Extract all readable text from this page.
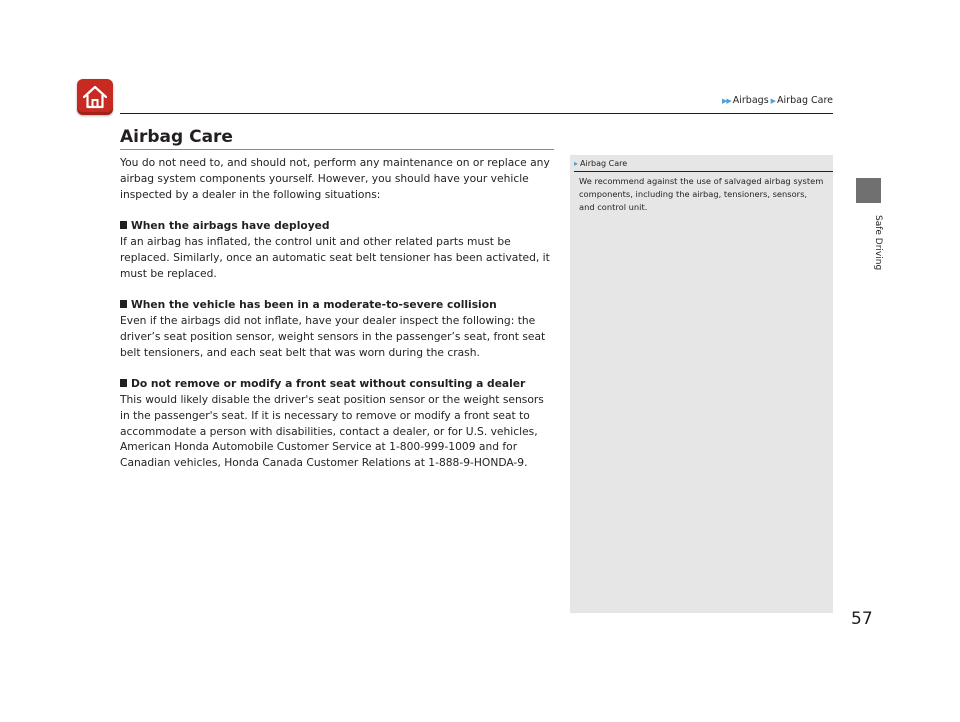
▶▶ Airbags ▶ Airbag Care
Airbag Care

You do not need to, and should not, perform any maintenance on or replace any airbag system components yourself. However, you should have your vehicle inspected by a dealer in the following situations:

When the airbags have deployed

If an airbag has inflated, the control unit and other related parts must be replaced. Similarly, once an automatic seat belt tensioner has been activated, it must be replaced.

When the vehicle has been in a moderate-to-severe collision

Even if the airbags did not inflate, have your dealer inspect the following: the driver’s seat position sensor, weight sensors in the passenger’s seat, front seat belt tensioners, and each seat belt that was worn during the crash.

Do not remove or modify a front seat without consulting a dealer

This would likely disable the driver's seat position sensor or the weight sensors in the passenger's seat. If it is necessary to remove or modify a front seat to accommodate a person with disabilities, contact a dealer, or for U.S. vehicles, American Honda Automobile Customer Service at 1-800-999-1009 and for Canadian vehicles, Honda Canada Customer Relations at 1-888-9-HONDA-9.

▸ Airbag Care
We recommend against the use of salvaged airbag system components, including the airbag, tensioners, sensors, and control unit.
Safe Driving
57
